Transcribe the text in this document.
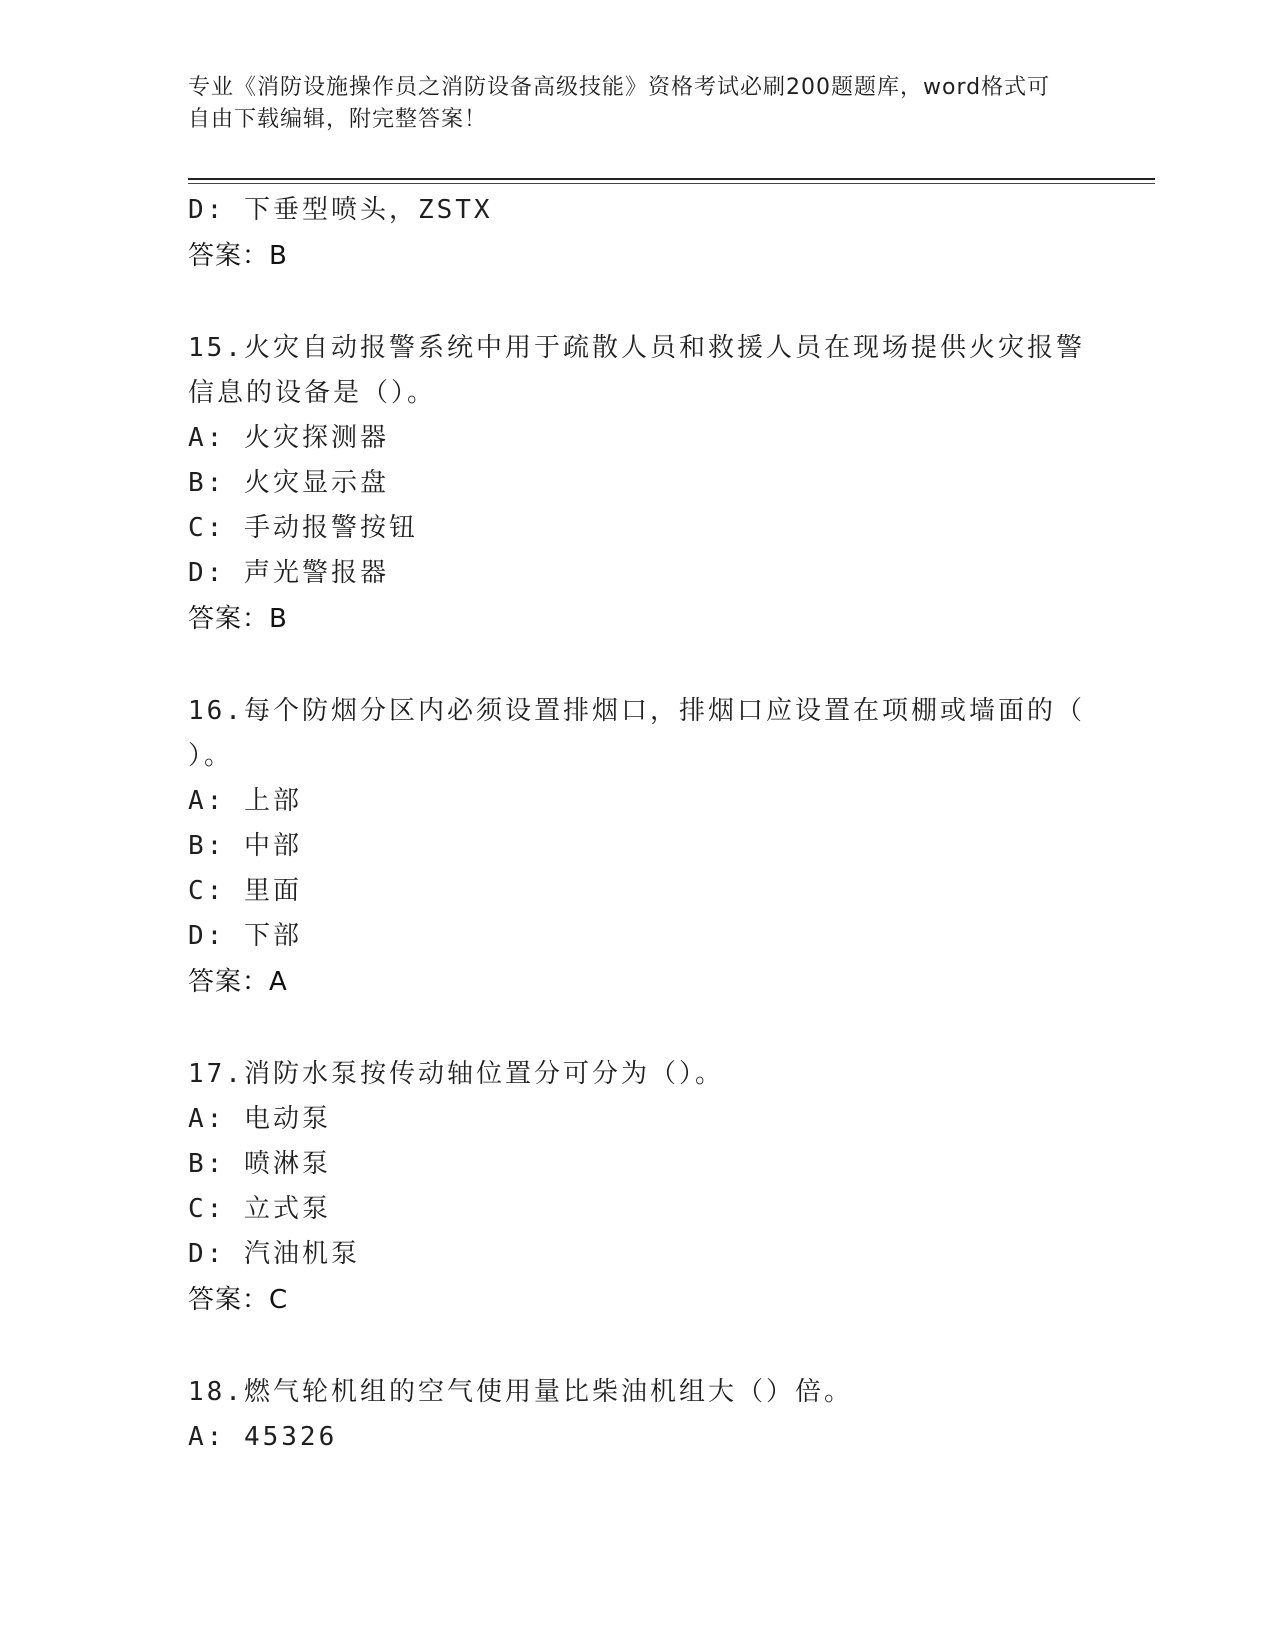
专业《消防设施操作员之消防设备高级技能》资格考试必刷200题题库，word格式可自由下载编辑，附完整答案！
D: 下垂型喷头，ZSTX
答案：B
15.火灾自动报警系统中用于疏散人员和救援人员在现场提供火灾报警
信息的设备是（）。
A: 火灾探测器
B: 火灾显示盘
C: 手动报警按钮
D: 声光警报器
答案：B
16.每个防烟分区内必须设置排烟口，排烟口应设置在项棚或墙面的（
）。
A: 上部
B: 中部
C: 里面
D: 下部
答案：A
17.消防水泵按传动轴位置分可分为（）。
A: 电动泵
B: 喷淋泵
C: 立式泵
D: 汽油机泵
答案：C
18.燃气轮机组的空气使用量比柴油机组大（）倍。
A: 45326
